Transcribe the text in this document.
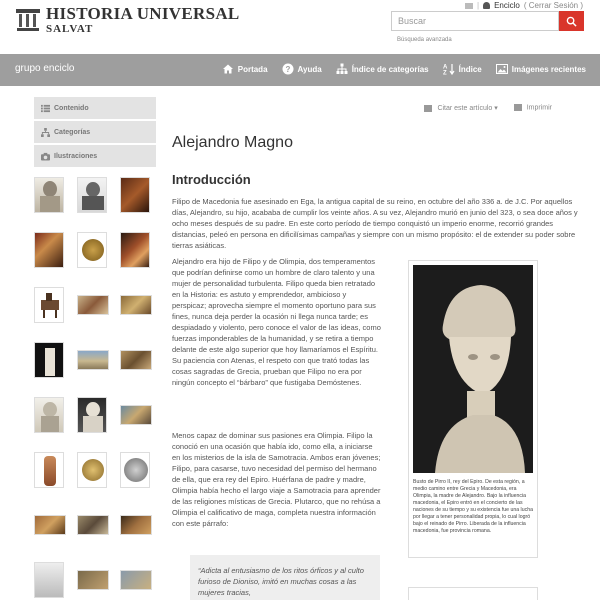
HISTORIA UNIVERSAL
SALVAT
| Enciclo ( Cerrar Sesión )
Buscar
Búsqueda avanzada
grupo enciclo	Portada ? Ayuda	Índice de categorías A
Z Índice	Imágenes recientes
Contenido
Categorías
Ilustraciones
Citar este artículo ▾	Imprimir
Alejandro Magno
Introducción

Filipo de Macedonia fue asesinado en Ega, la antigua capital de su reino, en octubre del año 336 a. de J.C. Por aquellos días, Alejandro, su hijo, acababa de cumplir los veinte años. A su vez, Alejandro murió en junio del 323, o sea doce años y ocho meses después de su padre. En este corto período de tiempo conquistó un imperio enorme, recorrió grandes distancias, peleó en persona en dificilísimas campañas y siempre con un mismo propósito: el de extender su poder sobre tierras asiáticas.

Alejandro era hijo de Filipo y de Olimpia, dos temperamentos que podrían definirse como un hombre de claro talento y una mujer de personalidad turbulenta. Filipo queda bien retratado en la Historia: es astuto y emprendedor, ambicioso y perspicaz; aprovecha siempre el momento oportuno para sus fines, nunca deja perder la ocasión ni llega nunca tarde; es despiadado y violento, pero conoce el valor de las ideas, como fuerzas imponderables de la humanidad, y se retira a tiempo delante de este algo superior que hoy llamaríamos el Espíritu. Su paciencia con Atenas, el respeto con que trató todas las cosas sagradas de Grecia, prueban que Filipo no era por ningún concepto el “bárbaro” que fustigaba Demóstenes.

Menos capaz de dominar sus pasiones era Olimpia. Filipo la conoció en una ocasión que había ido, como ella, a iniciarse en los misterios de la isla de Samotracia. Ambos eran jóvenes; Filipo, para casarse, tuvo necesidad del permiso del hermano de ella, que era rey del Epiro. Huérfana de padre y madre, Olimpia había hecho el largo viaje a Samotracia para aprender de las religiones místicas de Grecia. Plutarco, que no rehúsa a Olimpia el calificativo de maga, completa nuestra información con este párrafo:

Busto de Pirro II, rey del Epiro. De esta región, a medio camino entre Grecia y Macedonia, era Olimpia, la madre de Alejandro. Bajo la influencia macedonia, el Epiro entró en el concierto de las naciones de su tiempo y su existencia fue una lucha por llegar a tener personalidad propia, lo cual logró bajo el reinado de Pirro. Liberada de la influencia macedonia, fue provincia romana.
“Adicta al entusiasmo de los ritos órficos y al culto furioso de Dioniso, imitó en muchas cosas a las mujeres tracias,
